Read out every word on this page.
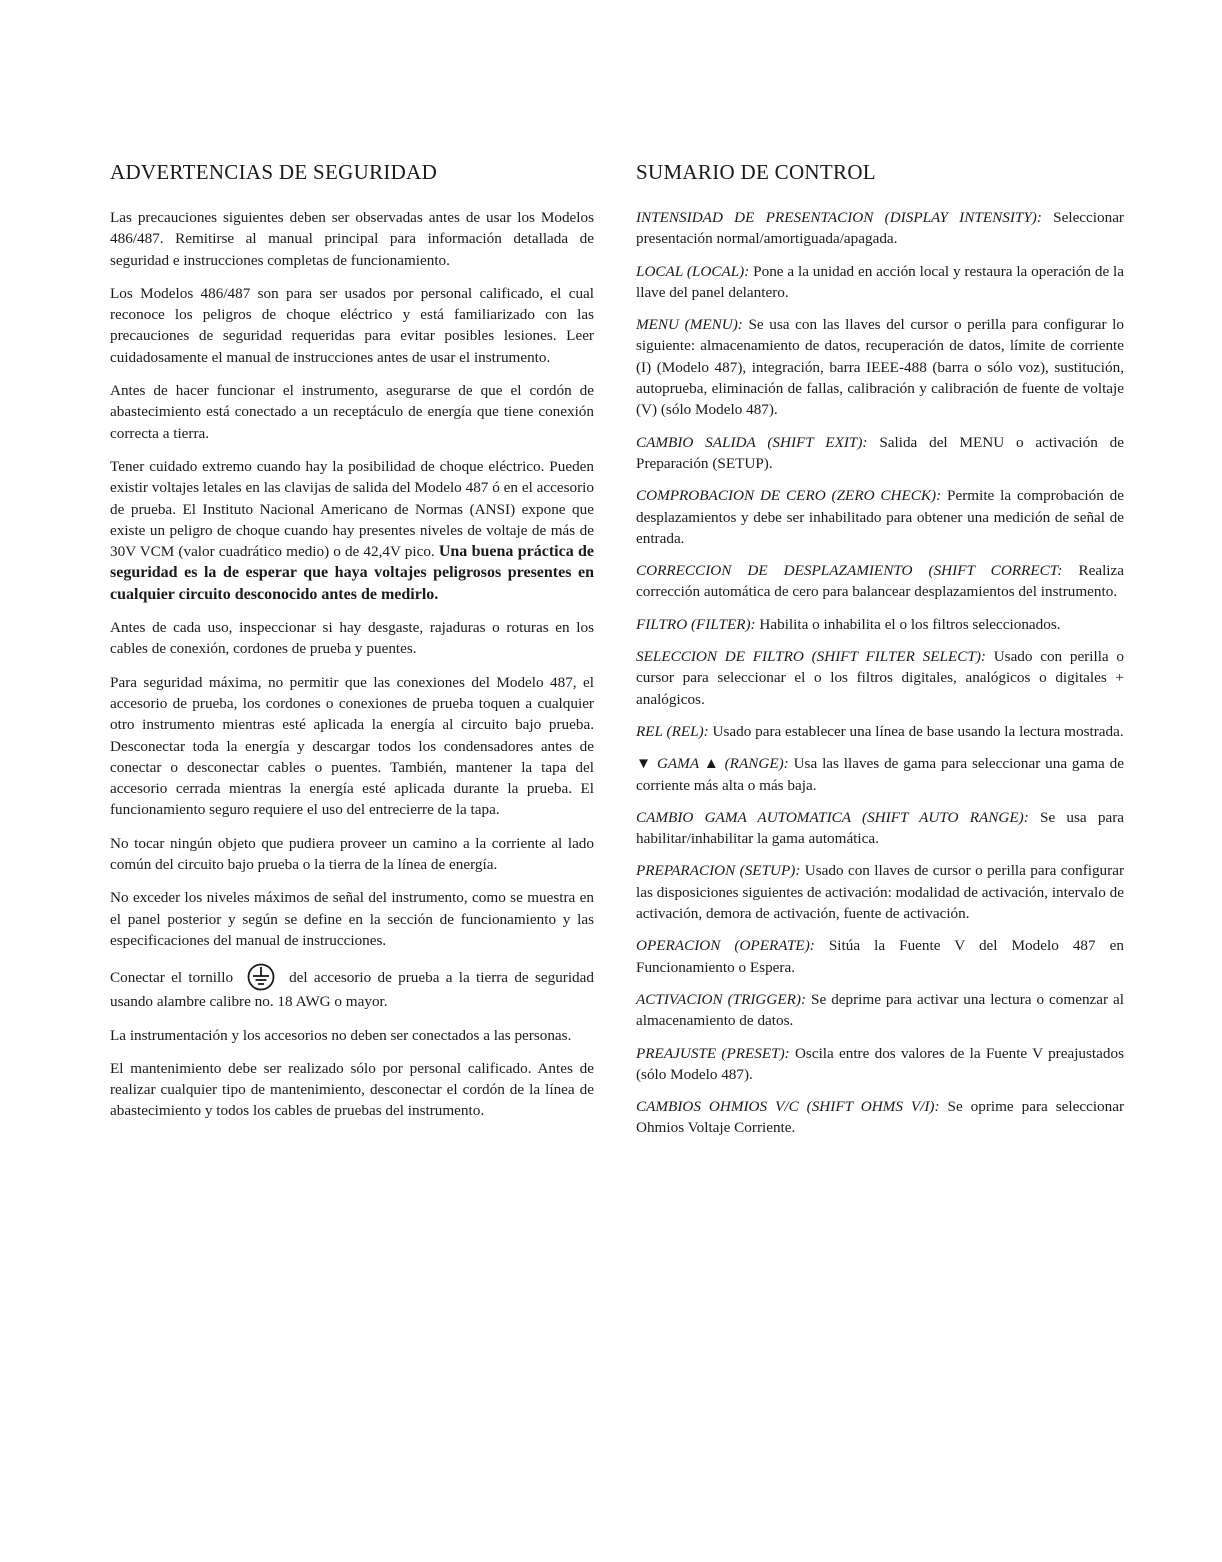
ADVERTENCIAS DE SEGURIDAD

Las precauciones siguientes deben ser observadas antes de usar los Modelos 486/487. Remitirse al manual principal para información detallada de seguridad e instrucciones completas de funcionamiento.

Los Modelos 486/487 son para ser usados por personal calificado, el cual reconoce los peligros de choque eléctrico y está familiarizado con las precauciones de seguridad requeridas para evitar posibles lesiones. Leer cuidadosamente el manual de instrucciones antes de usar el instrumento.

Antes de hacer funcionar el instrumento, asegurarse de que el cordón de abastecimiento está conectado a un receptáculo de energía que tiene conexión correcta a tierra.

Tener cuidado extremo cuando hay la posibilidad de choque eléctrico. Pueden existir voltajes letales en las clavijas de salida del Modelo 487 ó en el accesorio de prueba. El Instituto Nacional Americano de Normas (ANSI) expone que existe un peligro de choque cuando hay presentes niveles de voltaje de más de 30V VCM (valor cuadrático medio) o de 42,4V pico. Una buena práctica de seguridad es la de esperar que haya voltajes peligrosos presentes en cualquier circuito desconocido antes de medirlo.

Antes de cada uso, inspeccionar si hay desgaste, rajaduras o roturas en los cables de conexión, cordones de prueba y puentes.

Para seguridad máxima, no permitir que las conexiones del Modelo 487, el accesorio de prueba, los cordones o conexiones de prueba toquen a cualquier otro instrumento mientras esté aplicada la energía al circuito bajo prueba. Desconectar toda la energía y descargar todos los condensadores antes de conectar o desconectar cables o puentes. También, mantener la tapa del accesorio cerrada mientras la energía esté aplicada durante la prueba. El funcionamiento seguro requiere el uso del entrecierre de la tapa.

No tocar ningún objeto que pudiera proveer un camino a la corriente al lado común del circuito bajo prueba o la tierra de la línea de energía.

No exceder los niveles máximos de señal del instrumento, como se muestra en el panel posterior y según se define en la sección de funcionamiento y las especificaciones del manual de instrucciones.

Conectar el tornillo	del accesorio de prueba a la tierra de seguridad usando alambre calibre no. 18 AWG o mayor.

La instrumentación y los accesorios no deben ser conectados a las personas.

El mantenimiento debe ser realizado sólo por personal calificado. Antes de realizar cualquier tipo de mantenimiento, desconectar el cordón de la línea de abastecimiento y todos los cables de pruebas del instrumento.

SUMARIO DE CONTROL

INTENSIDAD DE PRESENTACION (DISPLAY INTENSITY): Seleccionar presentación normal/amortiguada/apagada.

LOCAL (LOCAL): Pone a la unidad en acción local y restaura la operación de la llave del panel delantero.

MENU (MENU): Se usa con las llaves del cursor o perilla para configurar lo siguiente: almacenamiento de datos, recuperación de datos, límite de corriente (I) (Modelo 487), integración, barra IEEE-488 (barra o sólo voz), sustitución, autoprueba, eliminación de fallas, calibración y calibración de fuente de voltaje (V) (sólo Modelo 487).

CAMBIO SALIDA (SHIFT EXIT): Salida del MENU o activación de Preparación (SETUP).

COMPROBACION DE CERO (ZERO CHECK): Permite la comprobación de desplazamientos y debe ser inhabilitado para obtener una medición de señal de entrada.

CORRECCION DE DESPLAZAMIENTO (SHIFT CORRECT: Realiza corrección automática de cero para balancear desplazamientos del instrumento.

FILTRO (FILTER): Habilita o inhabilita el o los filtros seleccionados.

SELECCION DE FILTRO (SHIFT FILTER SELECT): Usado con perilla o cursor para seleccionar el o los filtros digitales, analógicos o digitales + analógicos.

REL (REL): Usado para establecer una línea de base usando la lectura mostrada.

▼ GAMA ▲ (RANGE): Usa las llaves de gama para seleccionar una gama de corriente más alta o más baja.

CAMBIO GAMA AUTOMATICA (SHIFT AUTO RANGE): Se usa para habilitar/inhabilitar la gama automática.

PREPARACION (SETUP): Usado con llaves de cursor o perilla para configurar las disposiciones siguientes de activación: modalidad de activación, intervalo de activación, demora de activación, fuente de activación.

OPERACION (OPERATE): Sitúa la Fuente V del Modelo 487 en Funcionamiento o Espera.

ACTIVACION (TRIGGER): Se deprime para activar una lectura o comenzar al almacenamiento de datos.

PREAJUSTE (PRESET): Oscila entre dos valores de la Fuente V preajustados (sólo Modelo 487).

CAMBIOS OHMIOS V/C (SHIFT OHMS V/I): Se oprime para seleccionar Ohmios Voltaje Corriente.
